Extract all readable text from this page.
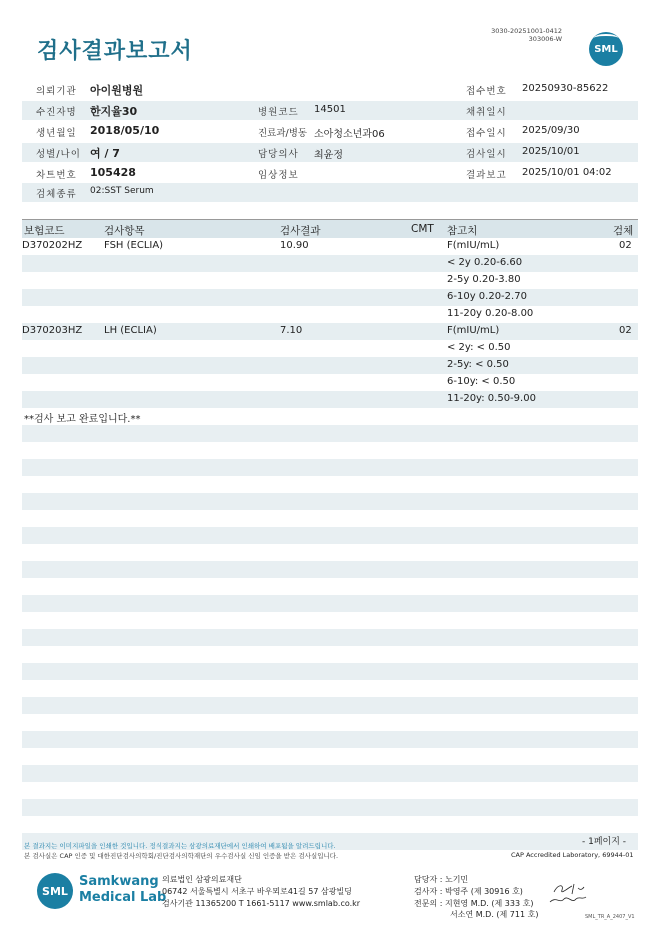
검사결과보고서
3030-20251001-0412
303006-W
SML
의뢰기관 아이원병원	접수번호 20250930-85622
수진자명 한지율30	병원코드 14501	채취일시
생년월일 2018/05/10	진료과/병동 소아청소년과06	접수일시 2025/09/30
성별/나이 여 / 7	담당의사 최윤정	검사일시 2025/10/01
차트번호 105428	임상정보	결과보고 2025/10/01 04:02
검체종류 02:SST Serum
보험코드	검사항목	검사결과	CMT 참고치	검체
D370202HZ FSH (ECLIA)	10.90	F(mIU/mL)	02
< 2y 0.20-6.60
2-5y 0.20-3.80
6-10y 0.20-2.70
11-20y 0.20-8.00
D370203HZ LH (ECLIA)	7.10	F(mIU/mL)	02
< 2y: < 0.50
2-5y: < 0.50
6-10y: < 0.50
11-20y: 0.50-9.00
**검사 보고 완료입니다.**
본 결과지는 이미지파일을 인쇄한 것입니다. 정식결과지는 삼광의료재단에서 인쇄하여 배포됨을 알려드립니다.
본 검사실은 CAP 인증 및 대한진단검사의학회/진단검사의학재단의 우수검사실 신임 인증을 받은 검사실입니다.
- 1페이지 -
CAP Accredited Laboratory, 69944-01
SML
Samkwang
Medical Lab
의료법인 삼광의료재단
06742 서울특별시 서초구 바우뫼로41길 57 삼광빌딩
검사기관 11365200 T 1661-5117 www.smlab.co.kr
담당자 : 노기민
검사자 : 박영주 (제 30916 호)
전문의 : 지현영 M.D. (제 333 호)
서소연 M.D. (제 711 호)	SML_TR_A_2407_V1
